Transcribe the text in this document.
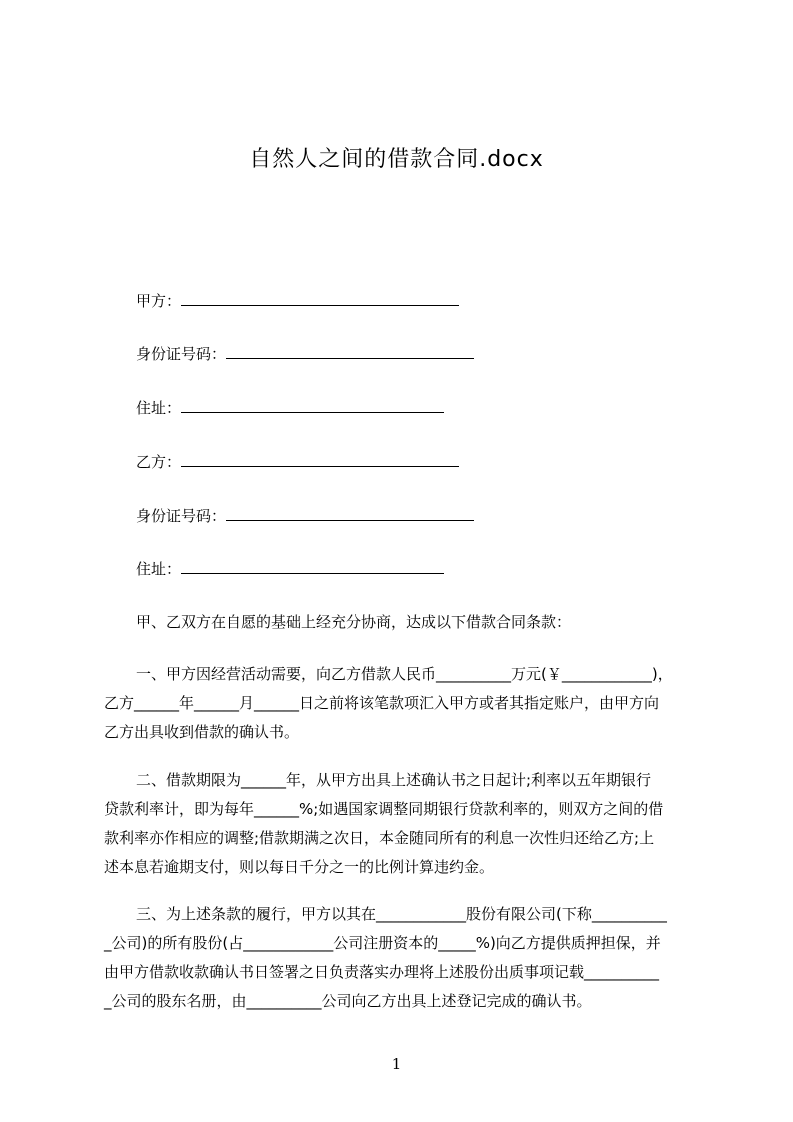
自然人之间的借款合同.docx
甲方：
身份证号码：
住址：
乙方：
身份证号码：
住址：
甲、乙双方在自愿的基础上经充分协商，达成以下借款合同条款：

一、甲方因经营活动需要，向乙方借款人民币__________万元(￥____________)，

乙方______年______月______日之前将该笔款项汇入甲方或者其指定账户，由甲方向

乙方出具收到借款的确认书。

二、借款期限为______年，从甲方出具上述确认书之日起计;利率以五年期银行

贷款利率计，即为每年______%;如遇国家调整同期银行贷款利率的，则双方之间的借

款利率亦作相应的调整;借款期满之次日，本金随同所有的利息一次性归还给乙方;上

述本息若逾期支付，则以每日千分之一的比例计算违约金。

三、为上述条款的履行，甲方以其在____________股份有限公司(下称__________

_公司)的所有股份(占____________公司注册资本的_____%)向乙方提供质押担保，并

由甲方借款收款确认书日签署之日负责落实办理将上述股份出质事项记载__________

_公司的股东名册，由__________公司向乙方出具上述登记完成的确认书。

1
